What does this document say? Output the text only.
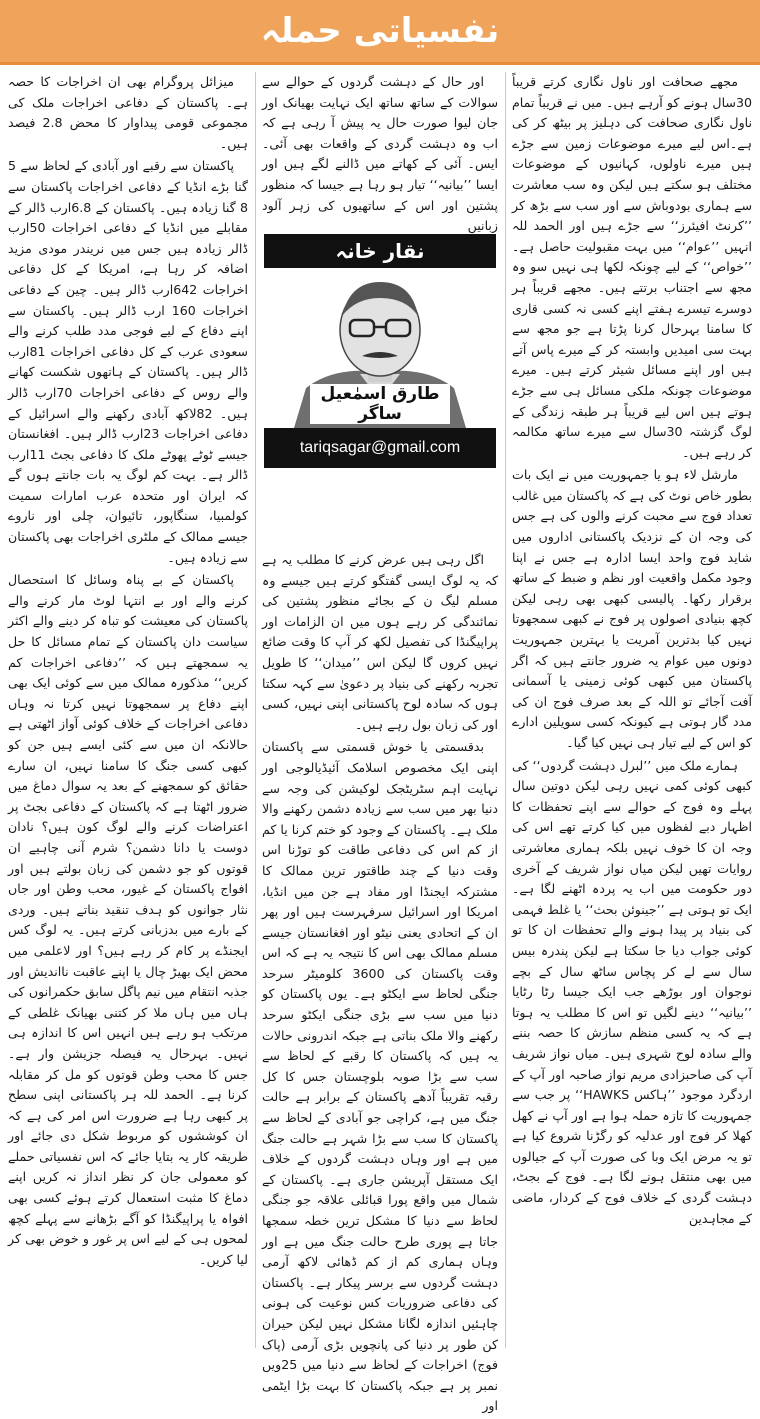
نفسیاتی حملہ

مجھے صحافت اور ناول نگاری کرتے قریباً 30سال ہونے کو آرہے ہیں۔ میں نے قریباً تمام ناول نگاری صحافت کی دہلیز پر بیٹھ کر کی ہے۔اس لیے میرے موضوعات زمین سے جڑے ہیں میرے ناولوں، کہانیوں کے موضوعات مختلف ہو سکتے ہیں لیکن وہ سب معاشرت سے ہماری بودوباش سے اور سب سے بڑھ کر ’’کرنٹ افیئرز‘‘ سے جڑے ہیں اور الحمد للہ انہیں ’’عوام‘‘ میں بہت مقبولیت حاصل ہے۔ ’’خواص‘‘ کے لیے چونکہ لکھا ہی نہیں سو وہ مجھ سے اجتناب برتتے ہیں۔ مجھے قریباً ہر دوسرے تیسرے ہفتے اپنے کسی نہ کسی قاری کا سامنا بہرحال کرنا پڑتا ہے جو مجھ سے بہت سی امیدیں وابستہ کر کے میرے پاس آتے ہیں اور اپنے مسائل شیئر کرتے ہیں۔ میرے موضوعات چونکہ ملکی مسائل ہی سے جڑے ہوتے ہیں اس لیے قریباً ہر طبقہ زندگی کے لوگ گزشتہ 30سال سے میرے ساتھ مکالمہ کر رہے ہیں۔

مارشل لاء ہو یا جمہوریت میں نے ایک بات بطور خاص نوٹ کی ہے کہ پاکستان میں غالب تعداد فوج سے محبت کرنے والوں کی ہے جس کی وجہ ان کے نزدیک پاکستانی اداروں میں شاید فوج واحد ایسا ادارہ ہے جس نے اپنا وجود مکمل واقعیت اور نظم و ضبط کے ساتھ برقرار رکھا۔ پالیسی کبھی بھی رہی لیکن کچھ بنیادی اصولوں پر فوج نے کبھی سمجھوتا نہیں کیا بدترین آمریت یا بہترین جمہوریت دونوں میں عوام یہ ضرور جانتے ہیں کہ اگر پاکستان میں کبھی کوئی زمینی یا آسمانی آفت آجائے تو اللہ کے بعد صرف فوج ان کی مدد گار ہوتی ہے کیونکہ کسی سویلین ادارے کو اس کے لیے تیار ہی نہیں کیا گیا۔

ہمارے ملک میں ’’لبرل دہشت گردوں‘‘ کی کبھی کوئی کمی نہیں رہی لیکن دوتین سال پہلے وہ فوج کے حوالے سے اپنے تحفظات کا اظہار دبے لفظوں میں کیا کرتے تھے اس کی وجہ ان کا خوف نہیں بلکہ ہماری معاشرتی روایات تھیں لیکن میاں نواز شریف کے آخری دور حکومت میں اب یہ پردہ اٹھنے لگا ہے۔ ایک تو ہوتی ہے ’’جینوئن بحث‘‘ یا غلط فہمی کی بنیاد پر پیدا ہونے والے تحفظات ان کا تو کوئی جواب دیا جا سکتا ہے لیکن پندرہ بیس سال سے لے کر پچاس ساٹھ سال کے بچے نوجوان اور بوڑھے جب ایک جیسا رٹا رٹایا ’’بیانیہ‘‘ دینے لگیں تو اس کا مطلب یہ ہوتا ہے کہ یہ کسی منظم سازش کا حصہ بننے والے سادہ لوح شہری ہیں۔ میاں نواز شریف آپ کی صاحبزادی مریم نواز صاحبہ اور آپ کے اردگرد موجود ’’ہاکس HAWKS‘‘ پر جب سے جمہوریت کا تازہ حملہ ہوا ہے اور آپ نے کھل کھلا کر فوج اور عدلیہ کو رگڑنا شروع کیا ہے تو یہ مرض ایک وبا کی صورت آپ کے جیالوں میں بھی منتقل ہونے لگا ہے۔ فوج کے بجٹ، دہشت گردی کے خلاف فوج کے کردار، ماضی کے مجاہدین

اور حال کے دہشت گردوں کے حوالے سے سوالات کے ساتھ ساتھ ایک نہایت بھیانک اور جان لیوا صورت حال یہ پیش آ رہی ہے کہ اب وہ دہشت گردی کے واقعات بھی آئی۔ ایس۔ آئی کے کھاتے میں ڈالنے لگے ہیں اور ایسا ’’بیانیہ‘‘ تیار ہو رہا ہے جیسا کہ منظور پشتین اور اس کے ساتھیوں کی زہر آلود زبانیں

اگل رہی ہیں عرض کرنے کا مطلب یہ ہے کہ یہ لوگ ایسی گفتگو کرتے ہیں جیسے وہ مسلم لیگ ن کے بجائے منظور پشتین کی نمائندگی کر رہے ہوں میں ان الزامات اور پراپیگنڈا کی تفصیل لکھ کر آپ کا وقت ضائع نہیں کروں گا لیکن اس ’’میدان‘‘ کا طویل تجربہ رکھنے کی بنیاد پر دعویٰ سے کہہ سکتا ہوں کہ سادہ لوح پاکستانی اپنی نہیں، کسی اور کی زبان بول رہے ہیں۔

بدقسمتی یا خوش قسمتی سے پاکستان اپنی ایک مخصوص اسلامک آئیڈیالوجی اور نہایت اہم سٹریٹجک لوکیشن کی وجہ سے دنیا بھر میں سب سے زیادہ دشمن رکھنے والا ملک ہے۔ پاکستان کے وجود کو ختم کرنا یا کم از کم اس کی دفاعی طاقت کو توڑنا اس وقت دنیا کے چند طاقتور ترین ممالک کا مشترکہ ایجنڈا اور مفاد ہے جن میں انڈیا، امریکا اور اسرائیل سرفہرست ہیں اور پھر ان کے اتحادی یعنی نیٹو اور افغانستان جیسے مسلم ممالک بھی اس کا نتیجہ یہ ہے کہ اس وقت پاکستان کی 3600 کلومیٹر سرحد جنگی لحاظ سے ایکٹو ہے۔ یوں پاکستان کو دنیا میں سب سے بڑی جنگی ایکٹو سرحد رکھنے والا ملک بناتی ہے جبکہ اندرونی حالات یہ ہیں کہ پاکستان کا رقبے کے لحاظ سے سب سے بڑا صوبہ بلوچستان جس کا کل رقبہ تقریباً آدھے پاکستان کے برابر ہے حالت جنگ میں ہے، کراچی جو آبادی کے لحاظ سے پاکستان کا سب سے بڑا شہر ہے حالت جنگ میں ہے اور وہاں دہشت گردوں کے خلاف ایک مستقل آپریشن جاری ہے۔ پاکستان کے شمال میں واقع پورا قبائلی علاقہ جو جنگی لحاظ سے دنیا کا مشکل ترین خطہ سمجھا جاتا ہے پوری طرح حالت جنگ میں ہے اور وہاں ہماری کم از کم ڈھائی لاکھ آرمی دہشت گردوں سے برسر پیکار ہے۔ پاکستان کی دفاعی ضروریات کس نوعیت کی ہونی چاہئیں اندازہ لگانا مشکل نہیں لیکن حیران کن طور پر دنیا کی پانچویں بڑی آرمی (پاک فوج) اخراجات کے لحاظ سے دنیا میں 25ویں نمبر پر ہے جبکہ پاکستان کا بہت بڑا ایٹمی اور

نقار خانہ
طارق اسمٰعیل ساگر
tariqsagar@gmail.com

میزائل پروگرام بھی ان اخراجات کا حصہ ہے۔ پاکستان کے دفاعی اخراجات ملک کی مجموعی قومی پیداوار کا محض 2.8 فیصد ہیں۔

پاکستان سے رقبے اور آبادی کے لحاظ سے 5 گنا بڑے انڈیا کے دفاعی اخراجات پاکستان سے 8 گنا زیادہ ہیں۔ پاکستان کے 6.8ارب ڈالر کے مقابلے میں انڈیا کے دفاعی اخراجات 50ارب ڈالر زیادہ ہیں جس میں نریندر مودی مزید اضافہ کر رہا ہے، امریکا کے کل دفاعی اخراجات 642ارب ڈالر ہیں۔ چین کے دفاعی اخراجات 160 ارب ڈالر ہیں۔ پاکستان سے اپنے دفاع کے لیے فوجی مدد طلب کرنے والے سعودی عرب کے کل دفاعی اخراجات 81ارب ڈالر ہیں۔ پاکستان کے ہاتھوں شکست کھانے والے روس کے دفاعی اخراجات 70ارب ڈالر ہیں۔ 82لاکھ آبادی رکھنے والے اسرائیل کے دفاعی اخراجات 23ارب ڈالر ہیں۔ افغانستان جیسے ٹوٹے پھوٹے ملک کا دفاعی بجٹ 11ارب ڈالر ہے۔ بہت کم لوگ یہ بات جانتے ہوں گے کہ ایران اور متحدہ عرب امارات سمیت کولمبیا، سنگاپور، تائیوان، چلی اور ناروے جیسے ممالک کے ملٹری اخراجات بھی پاکستان سے زیادہ ہیں۔

پاکستان کے بے پناہ وسائل کا استحصال کرنے والے اور بے انتہا لوٹ مار کرنے والے پاکستان کی معیشت کو تباہ کر دینے والے اکثر سیاست دان پاکستان کے تمام مسائل کا حل یہ سمجھتے ہیں کہ ’’دفاعی اخراجات کم کریں‘‘ مذکورہ ممالک میں سے کوئی ایک بھی اپنے دفاع پر سمجھوتا نہیں کرتا نہ وہاں دفاعی اخراجات کے خلاف کوئی آواز اٹھتی ہے حالانکہ ان میں سے کئی ایسے ہیں جن کو کبھی کسی جنگ کا سامنا نہیں، ان سارے حقائق کو سمجھنے کے بعد یہ سوال دماغ میں ضرور اٹھتا ہے کہ پاکستان کے دفاعی بجٹ پر اعتراضات کرنے والے لوگ کون ہیں؟ نادان دوست یا دانا دشمن؟ شرم آنی چاہیے ان قوتوں کو جو دشمن کی زبان بولتے ہیں اور افواج پاکستان کے غیور، محب وطن اور جاں نثار جوانوں کو ہدف تنقید بناتے ہیں۔ وردی کے بارے میں بدزبانی کرتے ہیں۔ یہ لوگ کس ایجنڈے پر کام کر رہے ہیں؟ اور لاعلمی میں محض ایک بھیڑ چال یا اپنے عاقبت نااندیش اور جذبہ انتقام میں نیم پاگل سابق حکمرانوں کی ہاں میں ہاں ملا کر کتنی بھیانک غلطی کے مرتکب ہو رہے ہیں انہیں اس کا اندازہ ہی نہیں۔ بہرحال یہ فیصلہ جزیشن وار ہے۔ جس کا محب وطن قوتوں کو مل کر مقابلہ کرنا ہے۔ الحمد للہ ہر پاکستانی اپنی سطح پر کبھی رہا ہے ضرورت اس امر کی ہے کہ ان کوششوں کو مربوط شکل دی جائے اور طریقہ کار یہ بتایا جائے کہ اس نفسیاتی حملے کو معمولی جان کر نظر انداز نہ کریں اپنے دماغ کا مثبت استعمال کرتے ہوئے کسی بھی افواہ یا پراپیگنڈا کو آگے بڑھانے سے پہلے کچھ لمحوں ہی کے لیے اس پر غور و خوض بھی کر لیا کریں۔
